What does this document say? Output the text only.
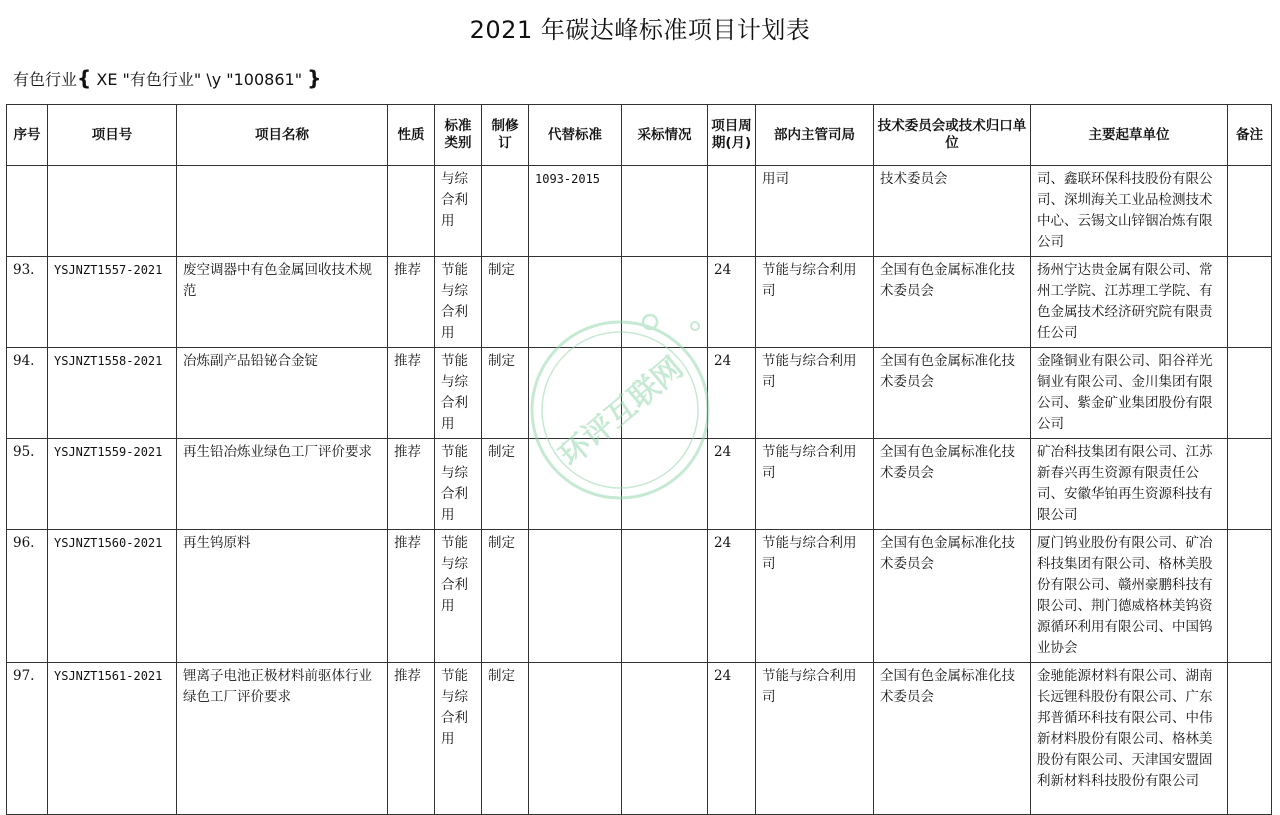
2021 年碳达峰标准项目计划表
有色行业{ XE "有色行业" \y "100861" }
序号	项目号	项目名称	性质	标准类别	制修订	代替标准	采标情况	项目周期(月)	部内主管司局	技术委员会或技术归口单位	主要起草单位	备注
				与综合利用		1093-2015			用司	技术委员会	司、鑫联环保科技股份有限公司、深圳海关工业品检测技术中心、云锡文山锌铟冶炼有限公司	
93.	YSJNZT1557-2021	废空调器中有色金属回收技术规范	推荐	节能与综合利用	制定			24	节能与综合利用司	全国有色金属标准化技术委员会	扬州宁达贵金属有限公司、常州工学院、江苏理工学院、有色金属技术经济研究院有限责任公司	
94.	YSJNZT1558-2021	冶炼副产品铅铋合金锭	推荐	节能与综合利用	制定			24	节能与综合利用司	全国有色金属标准化技术委员会	金隆铜业有限公司、阳谷祥光铜业有限公司、金川集团有限公司、紫金矿业集团股份有限公司	
95.	YSJNZT1559-2021	再生铅冶炼业绿色工厂评价要求	推荐	节能与综合利用	制定			24	节能与综合利用司	全国有色金属标准化技术委员会	矿冶科技集团有限公司、江苏新春兴再生资源有限责任公司、安徽华铂再生资源科技有限公司	
96.	YSJNZT1560-2021	再生钨原料	推荐	节能与综合利用	制定			24	节能与综合利用司	全国有色金属标准化技术委员会	厦门钨业股份有限公司、矿冶科技集团有限公司、格林美股份有限公司、赣州豪鹏科技有限公司、荆门德威格林美钨资源循环利用有限公司、中国钨业协会	
97.	YSJNZT1561-2021	锂离子电池正极材料前驱体行业绿色工厂评价要求	推荐	节能与综合利用	制定			24	节能与综合利用司	全国有色金属标准化技术委员会	金驰能源材料有限公司、湖南长远锂科股份有限公司、广东邦普循环科技有限公司、中伟新材料股份有限公司、格林美股份有限公司、天津国安盟固利新材料科技股份有限公司	
环评互联网
